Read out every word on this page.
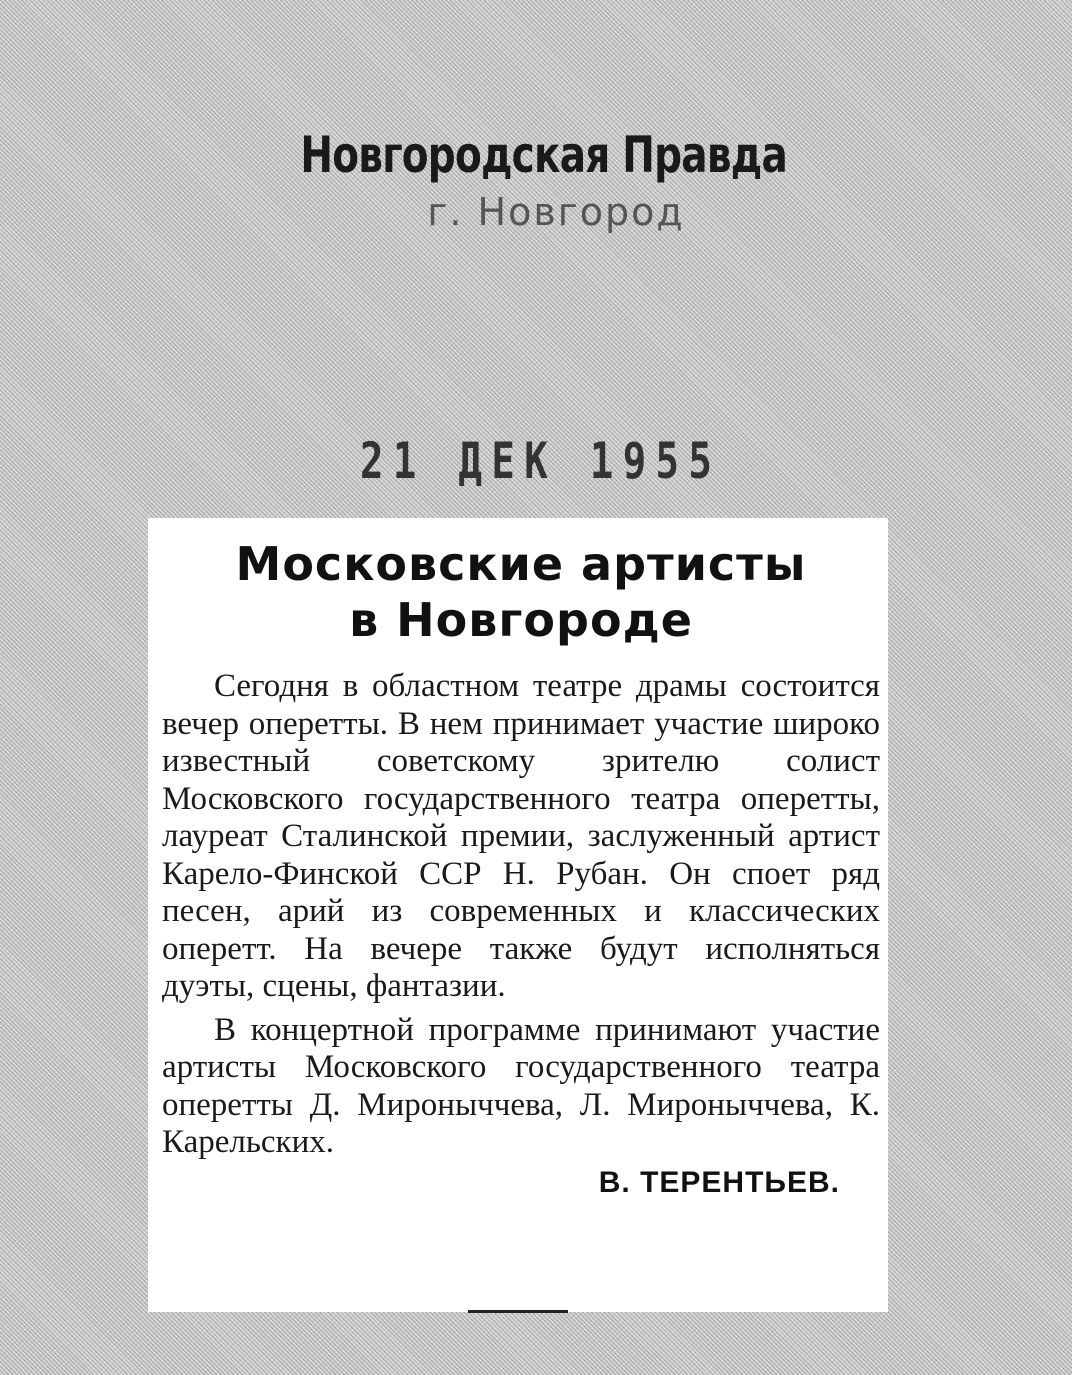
Новгородская Правда
г. Новгород
21 ДЕК 1955
Московские артисты
в Новгороде

Сегодня в областном театре драмы состоится вечер оперетты. В нем принимает участие широко известный советскому зрителю солист Московского государственного театра оперетты, лауреат Сталинской премии, заслуженный артист Карело-Финской ССР Н. Рубан. Он споет ряд песен, арий из современных и классических оперетт. На вечере также будут исполняться дуэты, сцены, фантазии.

В концертной программе принимают участие артисты Московского государственного театра оперетты Д. Мироныччева, Л. Мироныччева, К. Карельских.

В. ТЕРЕНТЬЕВ.
